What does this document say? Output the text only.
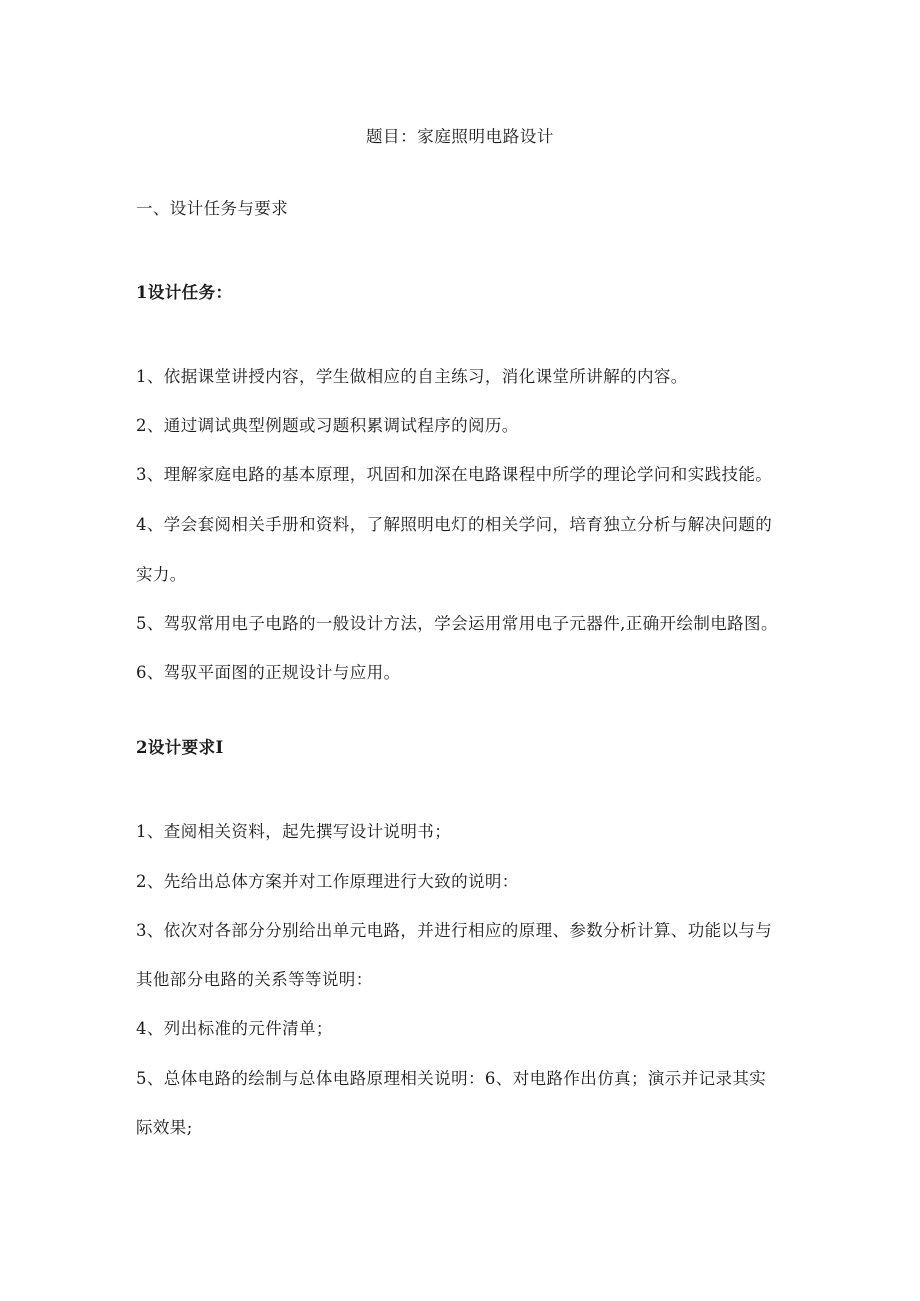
题目：家庭照明电路设计
一、设计任务与要求
1设计任务：
1、依据课堂讲授内容，学生做相应的自主练习，消化课堂所讲解的内容。
2、通过调试典型例题或习题积累调试程序的阅历。
3、理解家庭电路的基本原理，巩固和加深在电路课程中所学的理论学问和实践技能。
4、学会套阅相关手册和资料，了解照明电灯的相关学问，培育独立分析与解决问题的
实力。
5、驾驭常用电子电路的一般设计方法，学会运用常用电子元器件,正确开绘制电路图。
6、驾驭平面图的正规设计与应用。
2设计要求I
1、查阅相关资料，起先撰写设计说明书；
2、先给出总体方案并对工作原理进行大致的说明：
3、依次对各部分分别给出单元电路，并进行相应的原理、参数分析计算、功能以与与
其他部分电路的关系等等说明：
4、列出标准的元件清单；
5、总体电路的绘制与总体电路原理相关说明：6、对电路作出仿真；演示并记录其实
际效果;
